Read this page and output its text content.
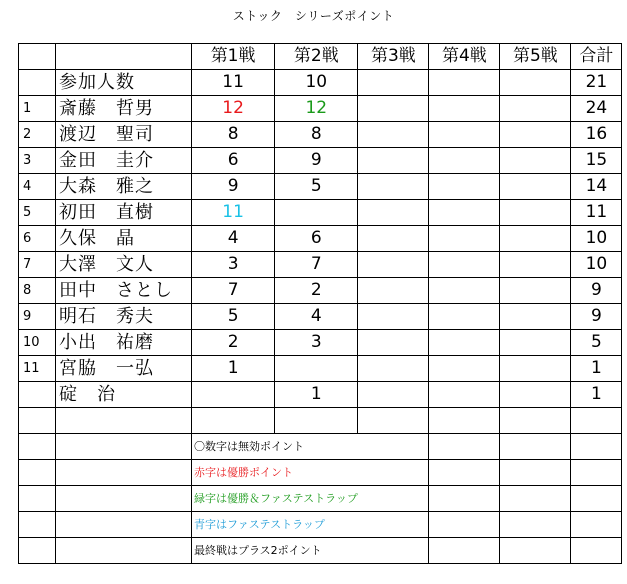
ストック　シリーズポイント
		第1戦	第2戦	第3戦	第4戦	第5戦	合計
	参加人数	11	10				21
1	斎藤　哲男	12	12				24
2	渡辺　聖司	8	8				16
3	金田　圭介	6	9				15
4	大森　雅之	9	5				14
5	初田　直樹	11					11
6	久保　晶	4	6				10
7	大澤　文人	3	7				10
8	田中　さとし	7	2				9
9	明石　秀夫	5	4				9
10	小出　祐磨	2	3				5
11	宮脇　一弘	1					1
	碇　治		1				1

		〇数字は無効ポイント					
		赤字は優勝ポイント					
		緑字は優勝＆ファステストラップ					
		青字はファステストラップ					
		最終戦はプラス2ポイント					
